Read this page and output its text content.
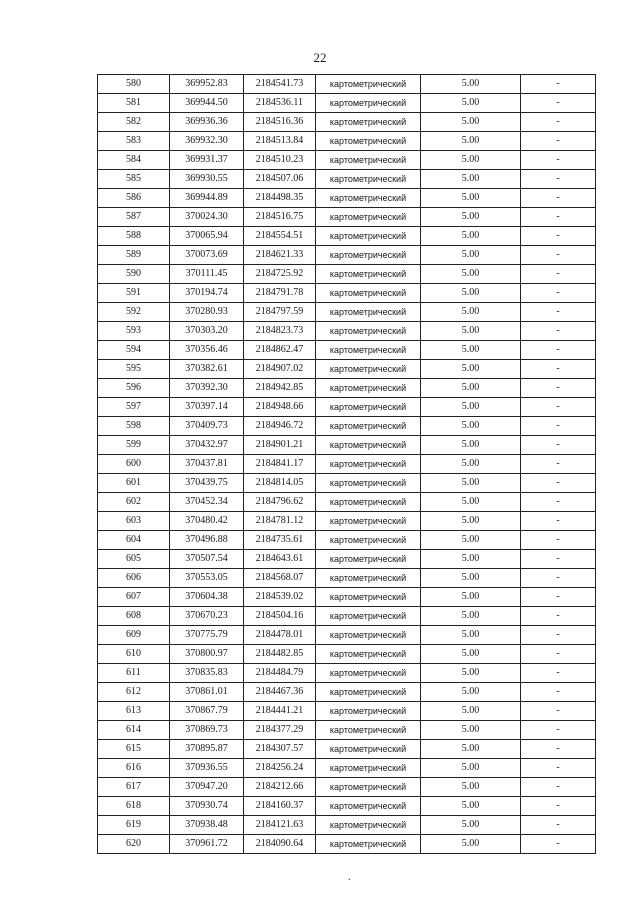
22
580	369952.83	2184541.73	картометрический	5.00	-
581	369944.50	2184536.11	картометрический	5.00	-
582	369936.36	2184516.36	картометрический	5.00	-
583	369932.30	2184513.84	картометрический	5.00	-
584	369931.37	2184510.23	картометрический	5.00	-
585	369930.55	2184507.06	картометрический	5.00	-
586	369944.89	2184498.35	картометрический	5.00	-
587	370024.30	2184516.75	картометрический	5.00	-
588	370065.94	2184554.51	картометрический	5.00	-
589	370073.69	2184621.33	картометрический	5.00	-
590	370111.45	2184725.92	картометрический	5.00	-
591	370194.74	2184791.78	картометрический	5.00	-
592	370280.93	2184797.59	картометрический	5.00	-
593	370303.20	2184823.73	картометрический	5.00	-
594	370356.46	2184862.47	картометрический	5.00	-
595	370382.61	2184907.02	картометрический	5.00	-
596	370392.30	2184942.85	картометрический	5.00	-
597	370397.14	2184948.66	картометрический	5.00	-
598	370409.73	2184946.72	картометрический	5.00	-
599	370432.97	2184901.21	картометрический	5.00	-
600	370437.81	2184841.17	картометрический	5.00	-
601	370439.75	2184814.05	картометрический	5.00	-
602	370452.34	2184796.62	картометрический	5.00	-
603	370480.42	2184781.12	картометрический	5.00	-
604	370496.88	2184735.61	картометрический	5.00	-
605	370507.54	2184643.61	картометрический	5.00	-
606	370553.05	2184568.07	картометрический	5.00	-
607	370604.38	2184539.02	картометрический	5.00	-
608	370670.23	2184504.16	картометрический	5.00	-
609	370775.79	2184478.01	картометрический	5.00	-
610	370800.97	2184482.85	картометрический	5.00	-
611	370835.83	2184484.79	картометрический	5.00	-
612	370861.01	2184467.36	картометрический	5.00	-
613	370867.79	2184441.21	картометрический	5.00	-
614	370869.73	2184377.29	картометрический	5.00	-
615	370895.87	2184307.57	картометрический	5.00	-
616	370936.55	2184256.24	картометрический	5.00	-
617	370947.20	2184212.66	картометрический	5.00	-
618	370930.74	2184160.37	картометрический	5.00	-
619	370938.48	2184121.63	картометрический	5.00	-
620	370961.72	2184090.64	картометрический	5.00	-
.
